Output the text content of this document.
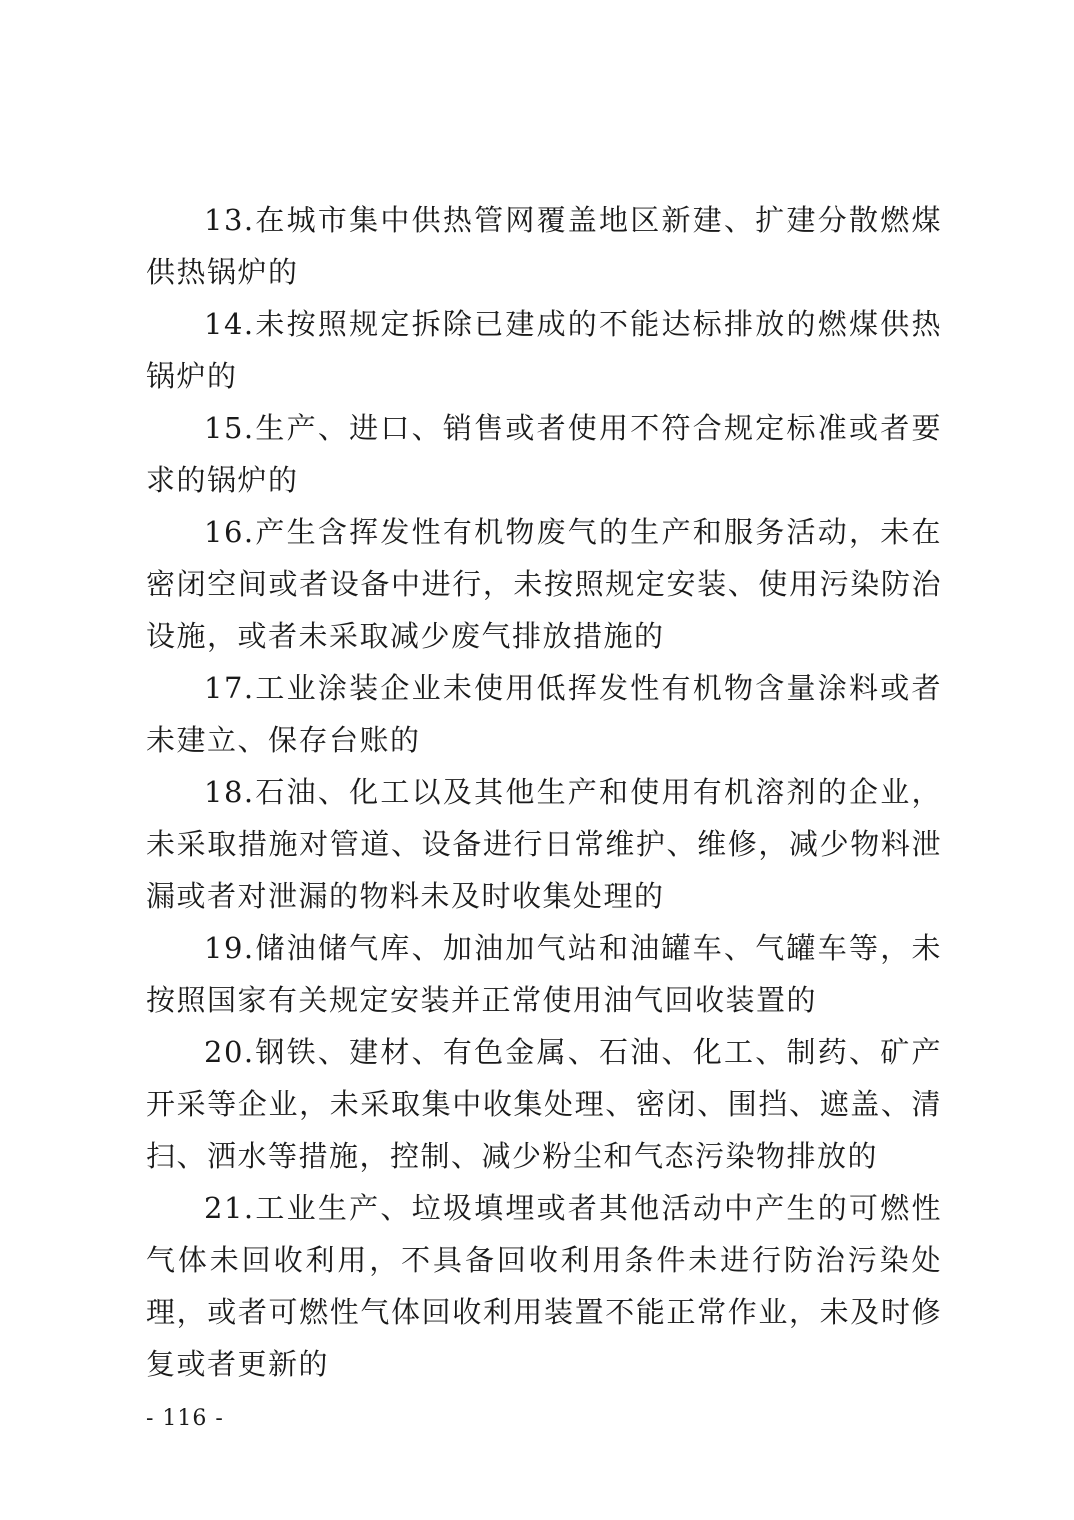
13.在城市集中供热管网覆盖地区新建、扩建分散燃煤供热锅炉的

14.未按照规定拆除已建成的不能达标排放的燃煤供热锅炉的

15.生产、进口、销售或者使用不符合规定标准或者要求的锅炉的

16.产生含挥发性有机物废气的生产和服务活动，未在密闭空间或者设备中进行，未按照规定安装、使用污染防治设施，或者未采取减少废气排放措施的

17.工业涂装企业未使用低挥发性有机物含量涂料或者未建立、保存台账的

18.石油、化工以及其他生产和使用有机溶剂的企业，未采取措施对管道、设备进行日常维护、维修，减少物料泄漏或者对泄漏的物料未及时收集处理的

19.储油储气库、加油加气站和油罐车、气罐车等，未按照国家有关规定安装并正常使用油气回收装置的

20.钢铁、建材、有色金属、石油、化工、制药、矿产开采等企业，未采取集中收集处理、密闭、围挡、遮盖、清扫、洒水等措施，控制、减少粉尘和气态污染物排放的

21.工业生产、垃圾填埋或者其他活动中产生的可燃性气体未回收利用，不具备回收利用条件未进行防治污染处理，或者可燃性气体回收利用装置不能正常作业，未及时修复或者更新的

- 116 -
